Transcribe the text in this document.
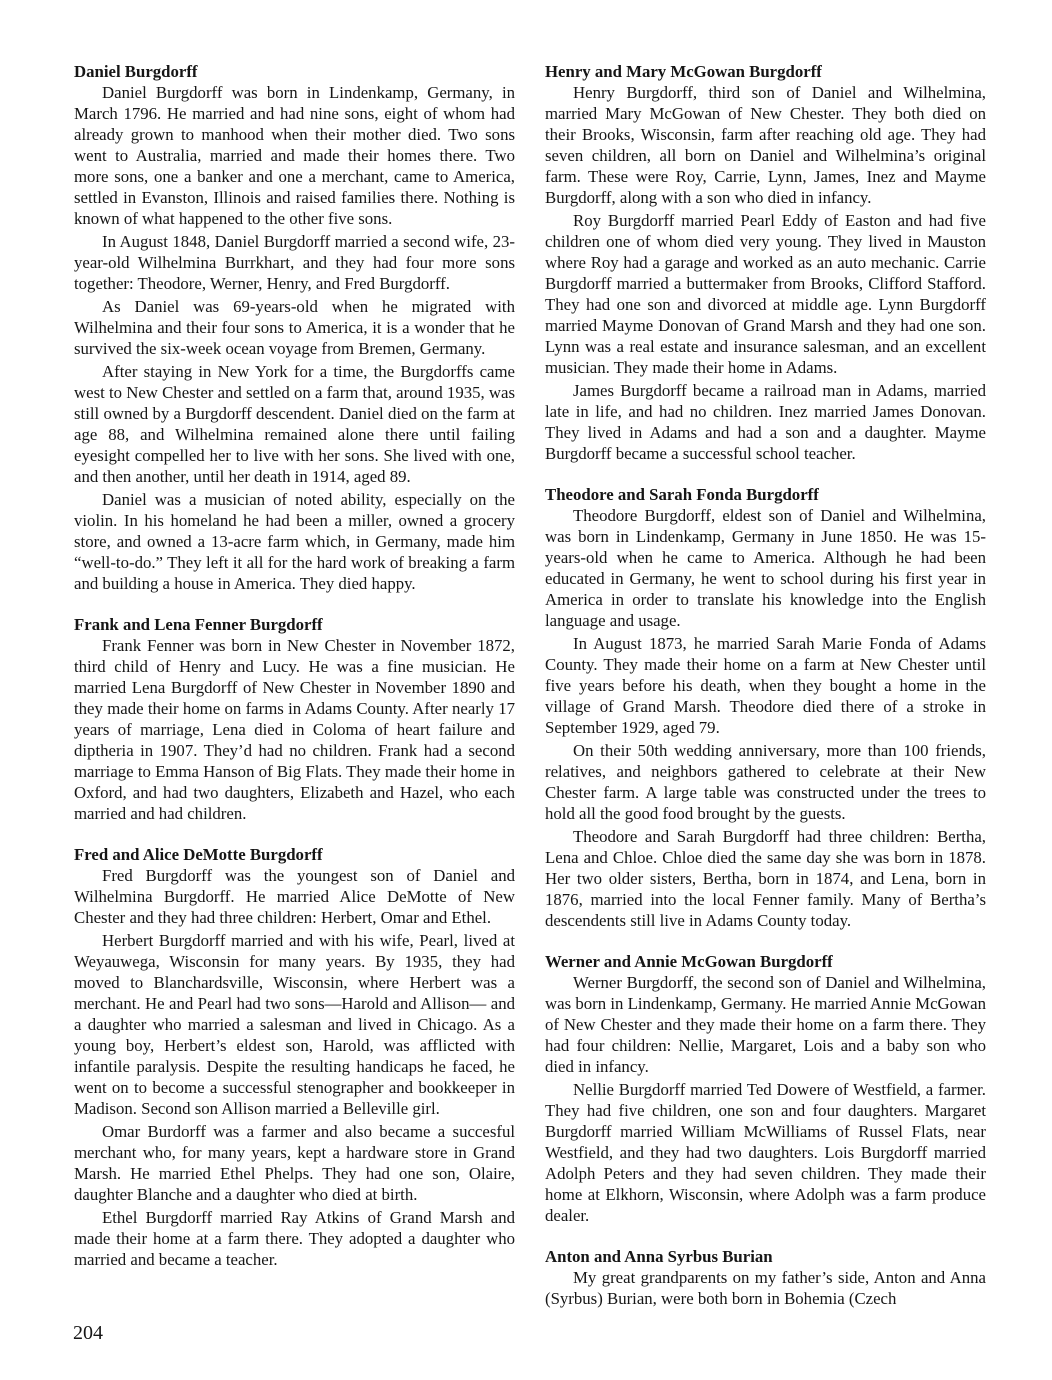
Daniel Burgdorff

Daniel Burgdorff was born in Lindenkamp, Germany, in March 1796. He married and had nine sons, eight of whom had already grown to manhood when their mother died. Two sons went to Australia, married and made their homes there. Two more sons, one a banker and one a merchant, came to America, settled in Evanston, Illinois and raised families there. Nothing is known of what happened to the other five sons.

In August 1848, Daniel Burgdorff married a second wife, 23-year-old Wilhelmina Burrkhart, and they had four more sons together: Theodore, Werner, Henry, and Fred Burgdorff.

As Daniel was 69-years-old when he migrated with Wilhelmina and their four sons to America, it is a wonder that he survived the six-week ocean voyage from Bremen, Germany.

After staying in New York for a time, the Burgdorffs came west to New Chester and settled on a farm that, around 1935, was still owned by a Burgdorff descendent. Daniel died on the farm at age 88, and Wilhelmina remained alone there until failing eyesight compelled her to live with her sons. She lived with one, and then another, until her death in 1914, aged 89.

Daniel was a musician of noted ability, especially on the violin. In his homeland he had been a miller, owned a grocery store, and owned a 13-acre farm which, in Germany, made him “well-to-do.” They left it all for the hard work of breaking a farm and building a house in America. They died happy.

Frank and Lena Fenner Burgdorff

Frank Fenner was born in New Chester in November 1872, third child of Henry and Lucy. He was a fine musician. He married Lena Burgdorff of New Chester in November 1890 and they made their home on farms in Adams County. After nearly 17 years of marriage, Lena died in Coloma of heart failure and diptheria in 1907. They’d had no children. Frank had a second marriage to Emma Hanson of Big Flats. They made their home in Oxford, and had two daughters, Elizabeth and Hazel, who each married and had children.

Fred and Alice DeMotte Burgdorff

Fred Burgdorff was the youngest son of Daniel and Wilhelmina Burgdorff. He married Alice DeMotte of New Chester and they had three children: Herbert, Omar and Ethel.

Herbert Burgdorff married and with his wife, Pearl, lived at Weyauwega, Wisconsin for many years. By 1935, they had moved to Blanchardsville, Wisconsin, where Herbert was a merchant. He and Pearl had two sons—Harold and Allison— and a daughter who married a salesman and lived in Chicago. As a young boy, Herbert’s eldest son, Harold, was afflicted with infantile paralysis. Despite the resulting handicaps he faced, he went on to become a successful stenographer and bookkeeper in Madison. Second son Allison married a Belleville girl.

Omar Burdorff was a farmer and also became a succesful merchant who, for many years, kept a hardware store in Grand Marsh. He married Ethel Phelps. They had one son, Olaire, daughter Blanche and a daughter who died at birth.

Ethel Burgdorff married Ray Atkins of Grand Marsh and made their home at a farm there. They adopted a daughter who married and became a teacher.

Henry and Mary McGowan Burgdorff

Henry Burgdorff, third son of Daniel and Wilhelmina, married Mary McGowan of New Chester. They both died on their Brooks, Wisconsin, farm after reaching old age. They had seven children, all born on Daniel and Wilhelmina’s original farm. These were Roy, Carrie, Lynn, James, Inez and Mayme Burgdorff, along with a son who died in infancy.

Roy Burgdorff married Pearl Eddy of Easton and had five children one of whom died very young. They lived in Mauston where Roy had a garage and worked as an auto mechanic. Carrie Burgdorff married a buttermaker from Brooks, Clifford Stafford. They had one son and divorced at middle age. Lynn Burgdorff married Mayme Donovan of Grand Marsh and they had one son. Lynn was a real estate and insurance salesman, and an excellent musician. They made their home in Adams.

James Burgdorff became a railroad man in Adams, married late in life, and had no children. Inez married James Donovan. They lived in Adams and had a son and a daughter. Mayme Burgdorff became a successful school teacher.

Theodore and Sarah Fonda Burgdorff

Theodore Burgdorff, eldest son of Daniel and Wilhelmina, was born in Lindenkamp, Germany in June 1850. He was 15-years-old when he came to America. Although he had been educated in Germany, he went to school during his first year in America in order to translate his knowledge into the English language and usage.

In August 1873, he married Sarah Marie Fonda of Adams County. They made their home on a farm at New Chester until five years before his death, when they bought a home in the village of Grand Marsh. Theodore died there of a stroke in September 1929, aged 79.

On their 50th wedding anniversary, more than 100 friends, relatives, and neighbors gathered to celebrate at their New Chester farm. A large table was constructed under the trees to hold all the good food brought by the guests.

Theodore and Sarah Burgdorff had three children: Bertha, Lena and Chloe. Chloe died the same day she was born in 1878. Her two older sisters, Bertha, born in 1874, and Lena, born in 1876, married into the local Fenner family. Many of Bertha’s descendents still live in Adams County today.

Werner and Annie McGowan Burgdorff

Werner Burgdorff, the second son of Daniel and Wilhelmina, was born in Lindenkamp, Germany. He married Annie McGowan of New Chester and they made their home on a farm there. They had four children: Nellie, Margaret, Lois and a baby son who died in infancy.

Nellie Burgdorff married Ted Dowere of Westfield, a farmer. They had five children, one son and four daughters. Margaret Burgdorff married William McWilliams of Russel Flats, near Westfield, and they had two daughters. Lois Burgdorff married Adolph Peters and they had seven children. They made their home at Elkhorn, Wisconsin, where Adolph was a farm produce dealer.

Anton and Anna Syrbus Burian

My great grandparents on my father’s side, Anton and Anna (Syrbus) Burian, were both born in Bohemia (Czech

204
